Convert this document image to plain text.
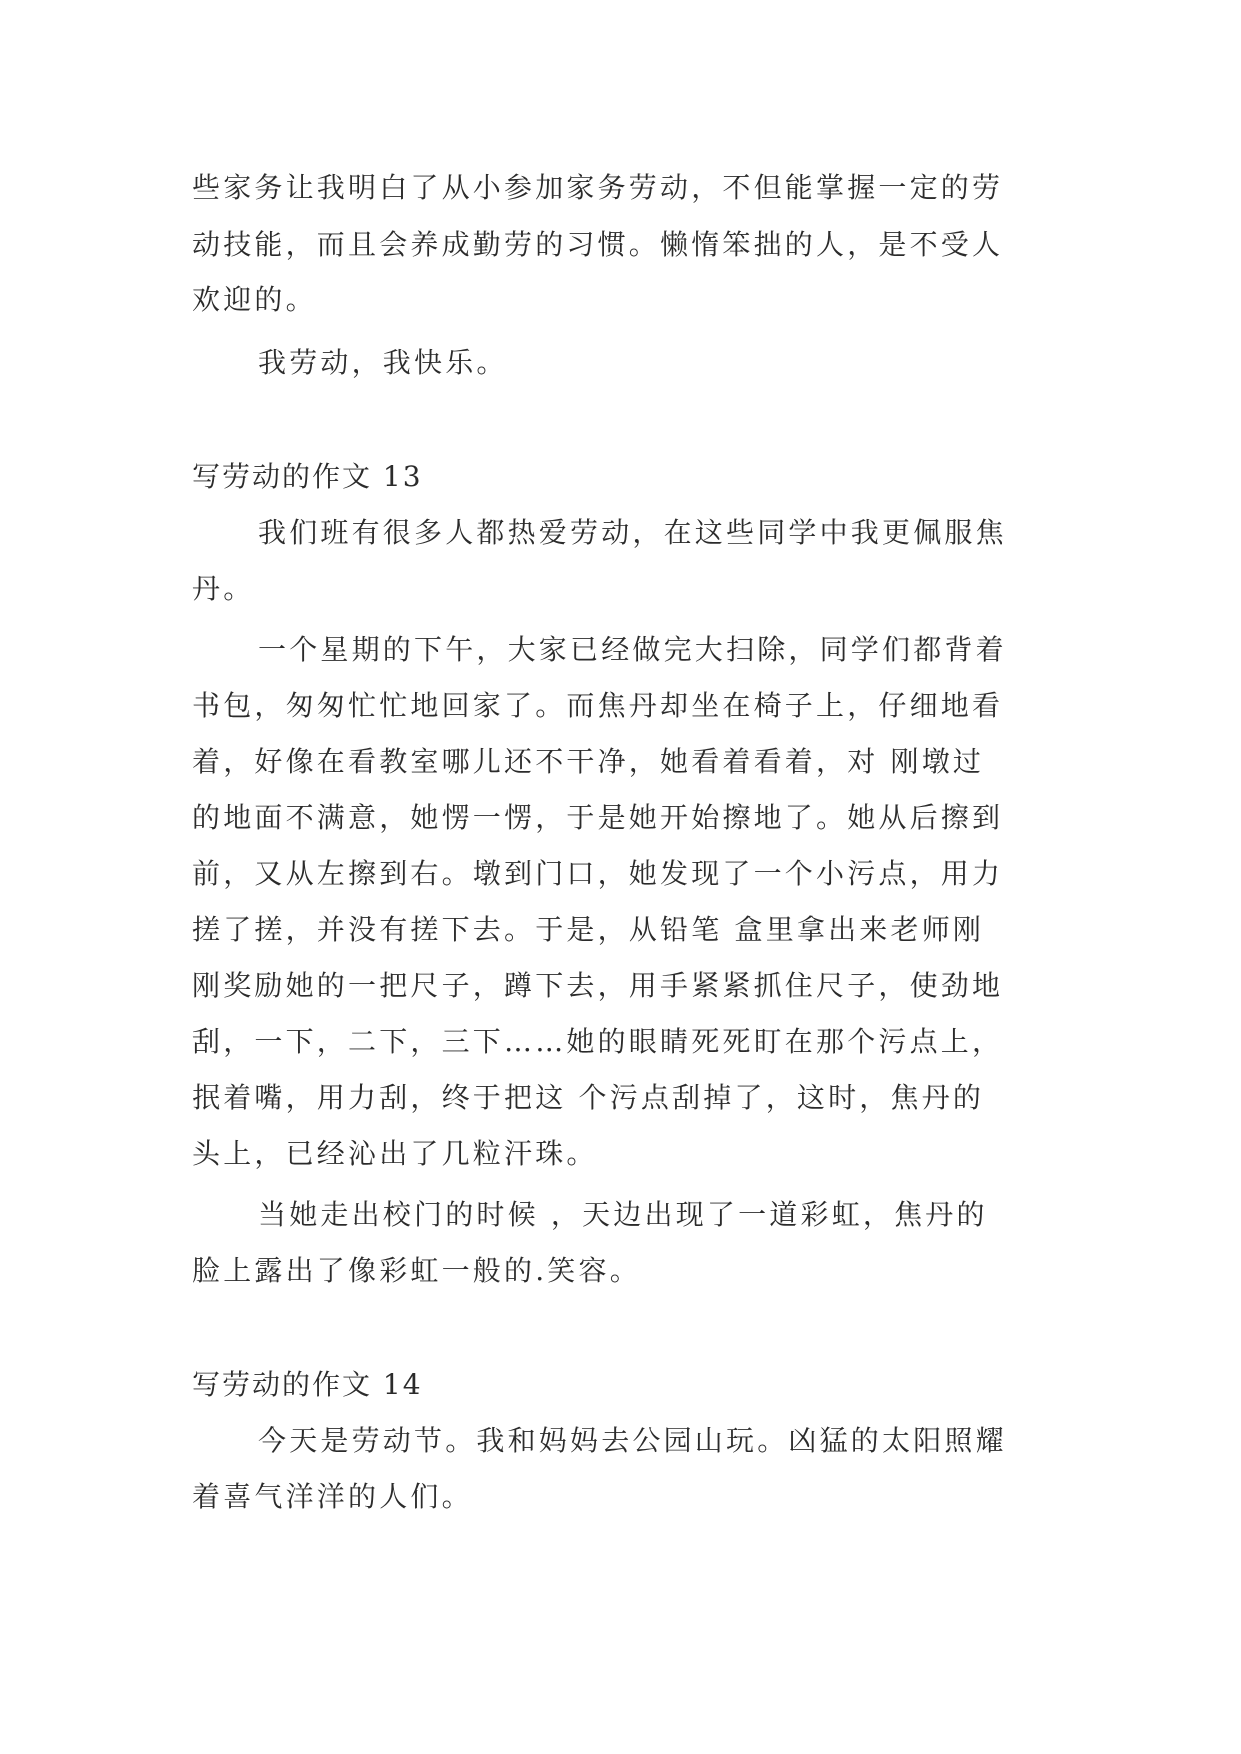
些家务让我明白了从小参加家务劳动，不但能掌握一定的劳
动技能，而且会养成勤劳的习惯。懒惰笨拙的人，是不受人
欢迎的。
我劳动，我快乐。
写劳动的作文 13
我们班有很多人都热爱劳动，在这些同学中我更佩服焦
丹。
一个星期的下午，大家已经做完大扫除，同学们都背着
书包，匆匆忙忙地回家了。而焦丹却坐在椅子上，仔细地看
着，好像在看教室哪儿还不干净，她看着看着，对 刚墩过
的地面不满意，她愣一愣，于是她开始擦地了。她从后擦到
前，又从左擦到右。墩到门口，她发现了一个小污点，用力
搓了搓，并没有搓下去。于是，从铅笔 盒里拿出来老师刚
刚奖励她的一把尺子，蹲下去，用手紧紧抓住尺子，使劲地
刮，一下，二下，三下……她的眼睛死死盯在那个污点上，
抿着嘴，用力刮，终于把这 个污点刮掉了，这时，焦丹的
头上，已经沁出了几粒汗珠。
当她走出校门的时候 ，天边出现了一道彩虹，焦丹的
脸上露出了像彩虹一般的.笑容。
写劳动的作文 14
今天是劳动节。我和妈妈去公园山玩。凶猛的太阳照耀
着喜气洋洋的人们。
